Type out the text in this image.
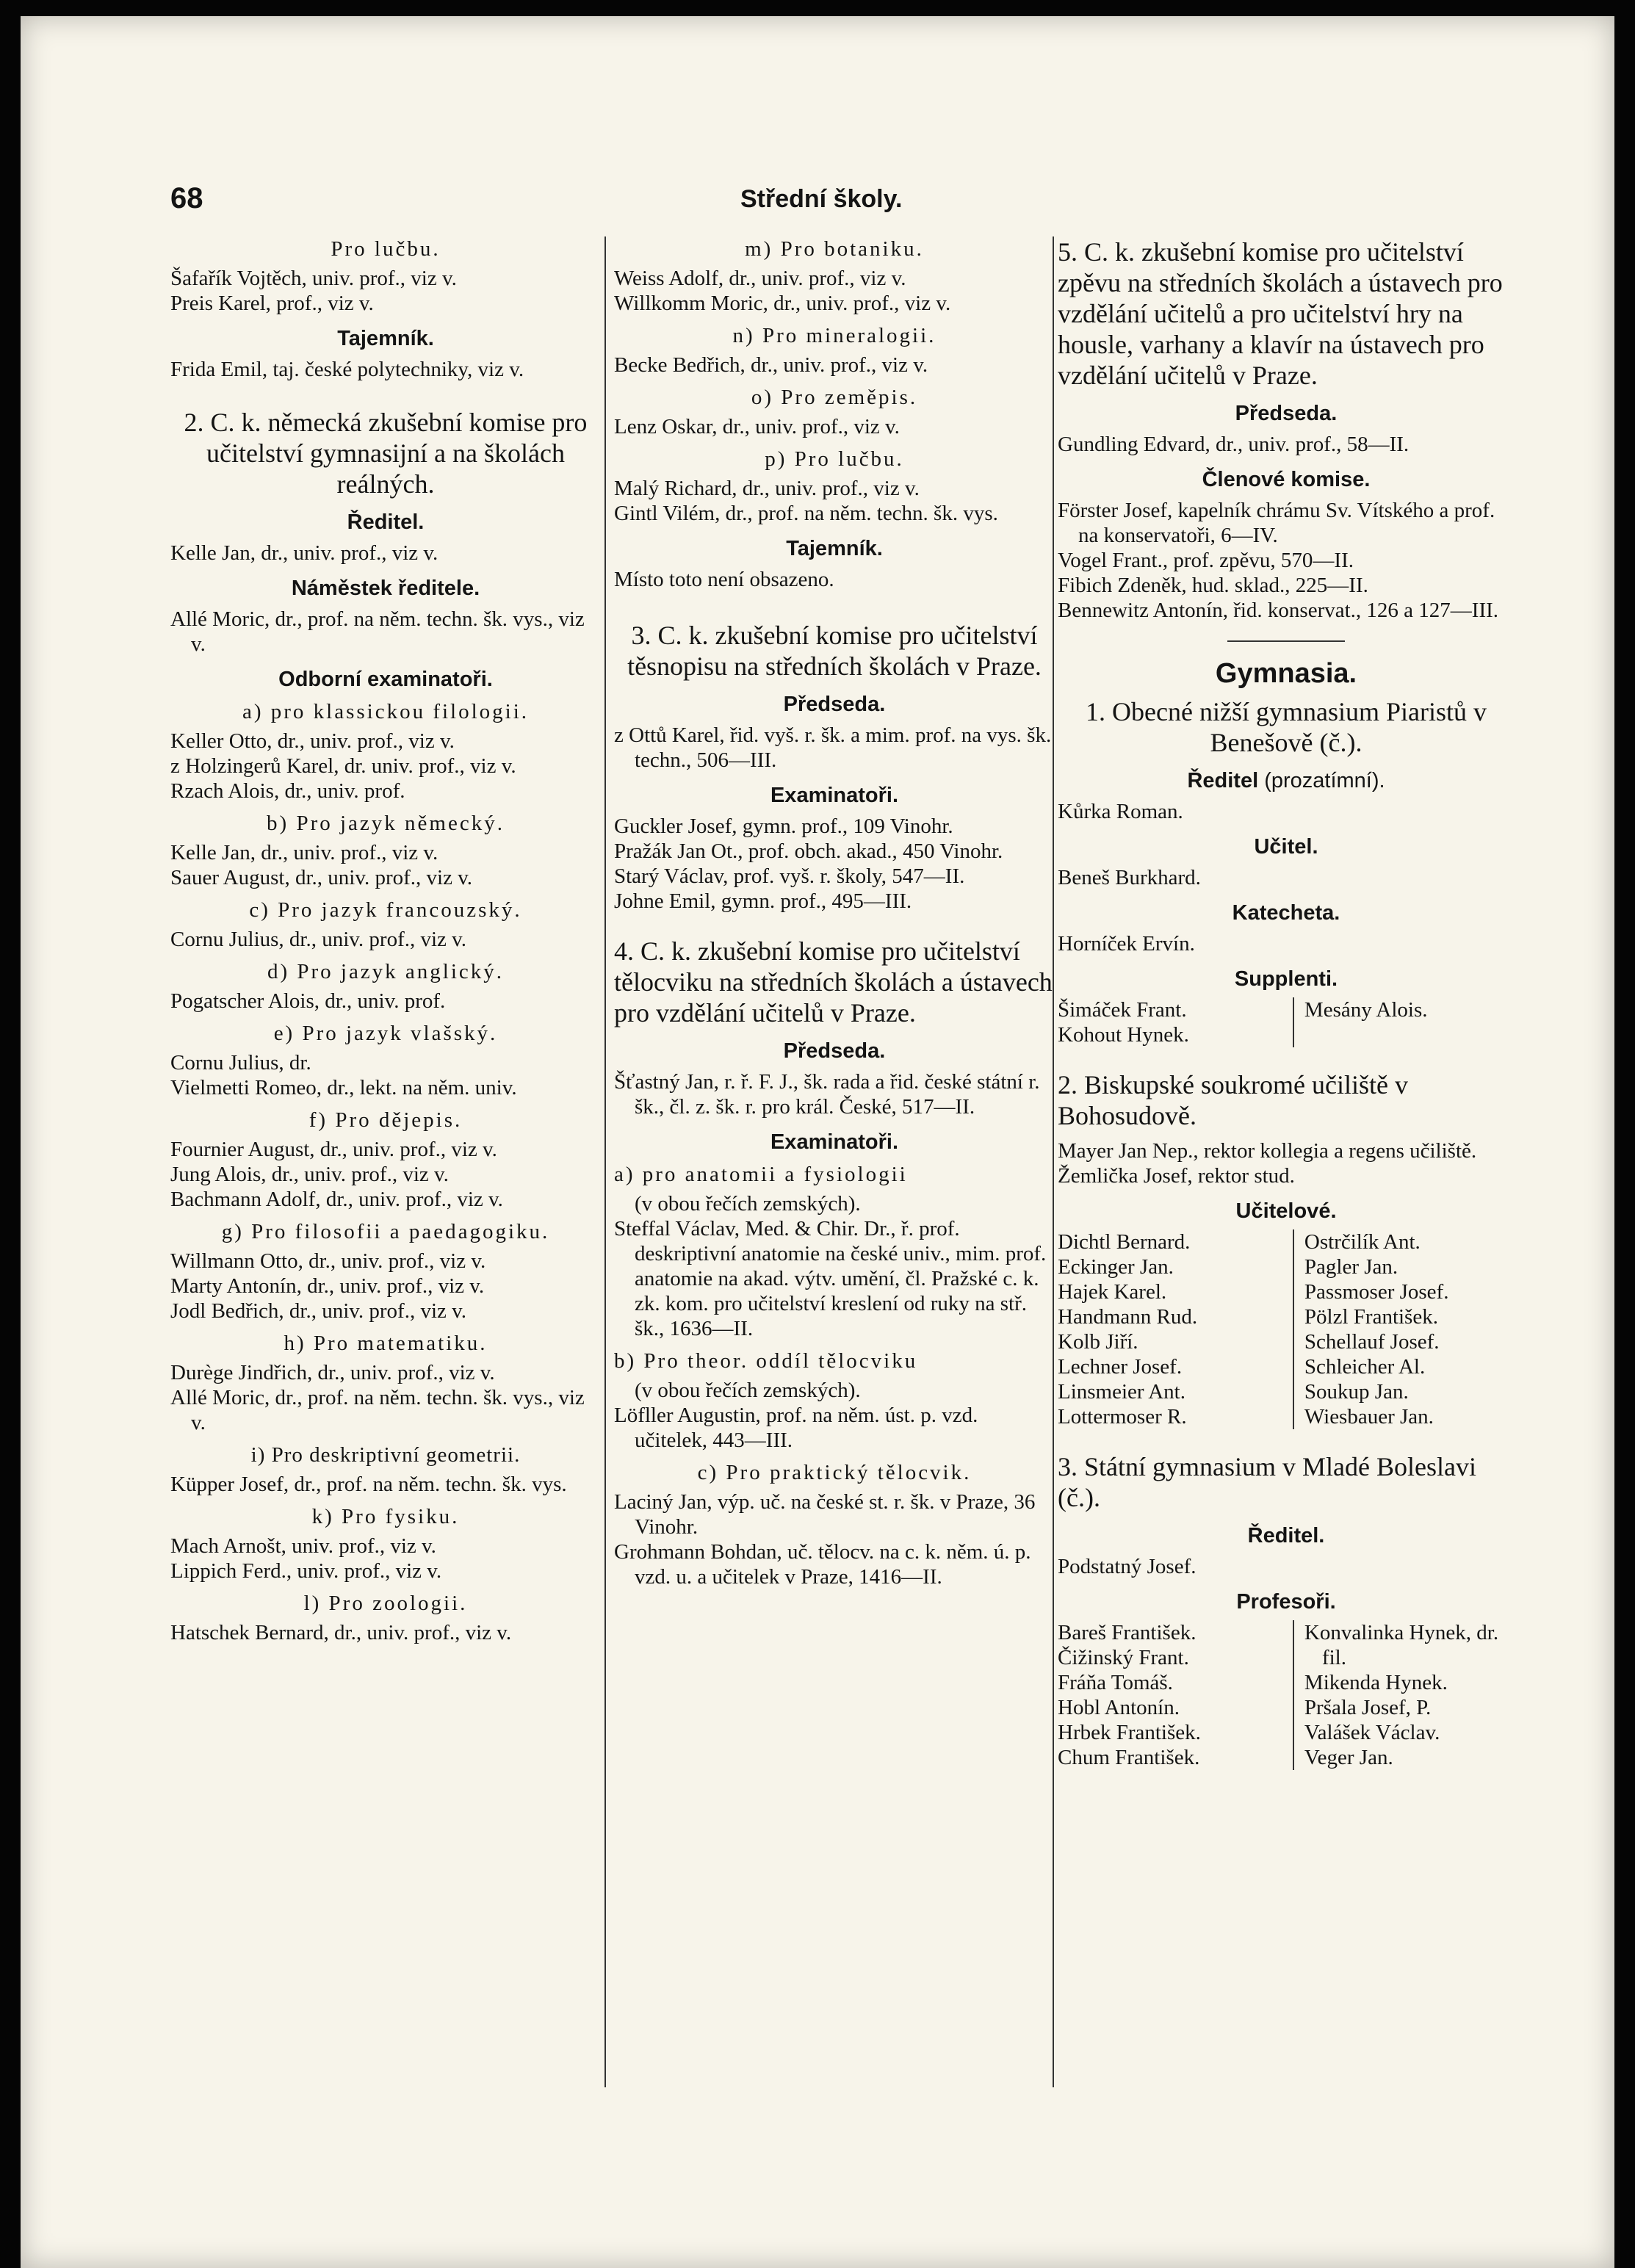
68	Střední školy.
Pro lučbu.

Šafařík Vojtěch, univ. prof., viz v.

Preis Karel, prof., viz v.

Tajemník.

Frida Emil, taj. české polytechniky, viz v.

2. C. k. německá zkušební komise pro učitelství gymnasijní a na školách reálných.
Ředitel.

Kelle Jan, dr., univ. prof., viz v.

Náměstek ředitele.

Allé Moric, dr., prof. na něm. techn. šk. vys., viz v.

Odborní examinatoři.
a) pro klassickou filologii.

Keller Otto, dr., univ. prof., viz v.

z Holzingerů Karel, dr. univ. prof., viz v.

Rzach Alois, dr., univ. prof.

b) Pro jazyk německý.

Kelle Jan, dr., univ. prof., viz v.

Sauer August, dr., univ. prof., viz v.

c) Pro jazyk francouzský.

Cornu Julius, dr., univ. prof., viz v.

d) Pro jazyk anglický.

Pogatscher Alois, dr., univ. prof.

e) Pro jazyk vlašský.

Cornu Julius, dr.

Vielmetti Romeo, dr., lekt. na něm. univ.

f) Pro dějepis.

Fournier August, dr., univ. prof., viz v.

Jung Alois, dr., univ. prof., viz v.

Bachmann Adolf, dr., univ. prof., viz v.

g) Pro filosofii a paedagogiku.

Willmann Otto, dr., univ. prof., viz v.

Marty Antonín, dr., univ. prof., viz v.

Jodl Bedřich, dr., univ. prof., viz v.

h) Pro matematiku.

Durège Jindřich, dr., univ. prof., viz v.

Allé Moric, dr., prof. na něm. techn. šk. vys., viz v.

i) Pro deskriptivní geometrii.

Küpper Josef, dr., prof. na něm. techn. šk. vys.

k) Pro fysiku.

Mach Arnošt, univ. prof., viz v.

Lippich Ferd., univ. prof., viz v.

l) Pro zoologii.

Hatschek Bernard, dr., univ. prof., viz v.

m) Pro botaniku.

Weiss Adolf, dr., univ. prof., viz v.

Willkomm Moric, dr., univ. prof., viz v.

n) Pro mineralogii.

Becke Bedřich, dr., univ. prof., viz v.

o) Pro zeměpis.

Lenz Oskar, dr., univ. prof., viz v.

p) Pro lučbu.

Malý Richard, dr., univ. prof., viz v.

Gintl Vilém, dr., prof. na něm. techn. šk. vys.

Tajemník.

Místo toto není obsazeno.

3. C. k. zkušební komise pro učitelství těsnopisu na středních školách v Praze.
Předseda.

z Ottů Karel, řid. vyš. r. šk. a mim. prof. na vys. šk. techn., 506—III.

Examinatoři.

Guckler Josef, gymn. prof., 109 Vinohr.

Pražák Jan Ot., prof. obch. akad., 450 Vinohr.

Starý Václav, prof. vyš. r. školy, 547—II.

Johne Emil, gymn. prof., 495—III.

4. C. k. zkušební komise pro učitelství tělocviku na středních školách a ústavech pro vzdělání učitelů v Praze.
Předseda.

Šťastný Jan, r. ř. F. J., šk. rada a řid. české státní r. šk., čl. z. šk. r. pro král. České, 517—II.

Examinatoři.
a) pro anatomii a fysiologii
(v obou řečích zemských).

Steffal Václav, Med. & Chir. Dr., ř. prof. deskriptivní anatomie na české univ., mim. prof. anatomie na akad. výtv. umění, čl. Pražské c. k. zk. kom. pro učitelství kreslení od ruky na stř. šk., 1636—II.

b) Pro theor. oddíl tělocviku
(v obou řečích zemských).

Löfller Augustin, prof. na něm. úst. p. vzd. učitelek, 443—III.

c) Pro praktický tělocvik.

Laciný Jan, výp. uč. na české st. r. šk. v Praze, 36 Vinohr.

Grohmann Bohdan, uč. tělocv. na c. k. něm. ú. p. vzd. u. a učitelek v Praze, 1416—II.

5. C. k. zkušební komise pro učitelství zpěvu na středních školách a ústavech pro vzdělání učitelů a pro učitelství hry na housle, varhany a klavír na ústavech pro vzdělání učitelů v Praze.
Předseda.

Gundling Edvard, dr., univ. prof., 58—II.

Členové komise.

Förster Josef, kapelník chrámu Sv. Vítského a prof. na konservatoři, 6—IV.

Vogel Frant., prof. zpěvu, 570—II.

Fibich Zdeněk, hud. sklad., 225—II.

Bennewitz Antonín, řid. konservat., 126 a 127—III.

Gymnasia.
1. Obecné nižší gymnasium Piaristů v Benešově (č.).
Ředitel (prozatímní).

Kůrka Roman.

Učitel.

Beneš Burkhard.

Katecheta.

Horníček Ervín.

Supplenti.
Šimáček Frant.
Kohout Hynek.
Mesány Alois.
2. Biskupské soukromé učiliště v Bohosudově.

Mayer Jan Nep., rektor kollegia a regens učiliště.

Žemlička Josef, rektor stud.

Učitelové.
Dichtl Bernard.
Eckinger Jan.
Hajek Karel.
Handmann Rud.
Kolb Jiří.
Lechner Josef.
Linsmeier Ant.
Lottermoser R.
Ostrčilík Ant.
Pagler Jan.
Passmoser Josef.
Pölzl František.
Schellauf Josef.
Schleicher Al.
Soukup Jan.
Wiesbauer Jan.
3. Státní gymnasium v Mladé Boleslavi (č.).
Ředitel.

Podstatný Josef.

Profesoři.
Bareš František.
Čižinský Frant.
Fráňa Tomáš.
Hobl Antonín.
Hrbek František.
Chum František.
Konvalinka Hynek, dr. fil.
Mikenda Hynek.
Pršala Josef, P.
Valášek Václav.
Veger Jan.
